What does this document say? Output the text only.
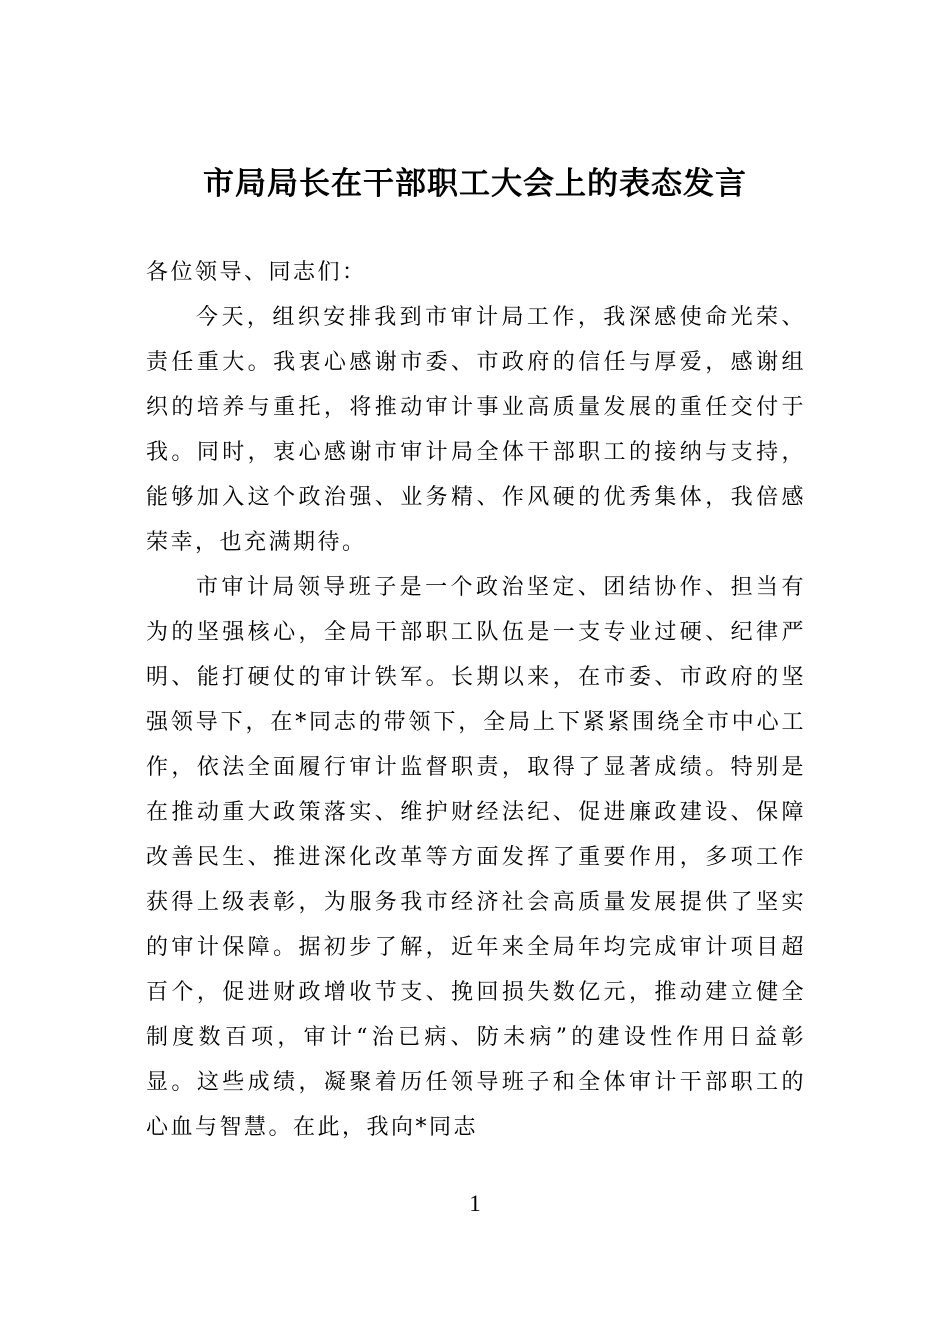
市局局长在干部职工大会上的表态发言

各位领导、同志们：

今天，组织安排我到市审计局工作，我深感使命光荣、责任重大。我衷心感谢市委、市政府的信任与厚爱，感谢组织的培养与重托，将推动审计事业高质量发展的重任交付于我。同时，衷心感谢市审计局全体干部职工的接纳与支持，能够加入这个政治强、业务精、作风硬的优秀集体，我倍感荣幸，也充满期待。

市审计局领导班子是一个政治坚定、团结协作、担当有为的坚强核心，全局干部职工队伍是一支专业过硬、纪律严明、能打硬仗的审计铁军。长期以来，在市委、市政府的坚强领导下，在*同志的带领下，全局上下紧紧围绕全市中心工作，依法全面履行审计监督职责，取得了显著成绩。特别是在推动重大政策落实、维护财经法纪、促进廉政建设、保障改善民生、推进深化改革等方面发挥了重要作用，多项工作获得上级表彰，为服务我市经济社会高质量发展提供了坚实的审计保障。据初步了解，近年来全局年均完成审计项目超百个，促进财政增收节支、挽回损失数亿元，推动建立健全制度数百项，审计“治已病、防未病”的建设性作用日益彰显。这些成绩，凝聚着历任领导班子和全体审计干部职工的心血与智慧。在此，我向*同志

1
